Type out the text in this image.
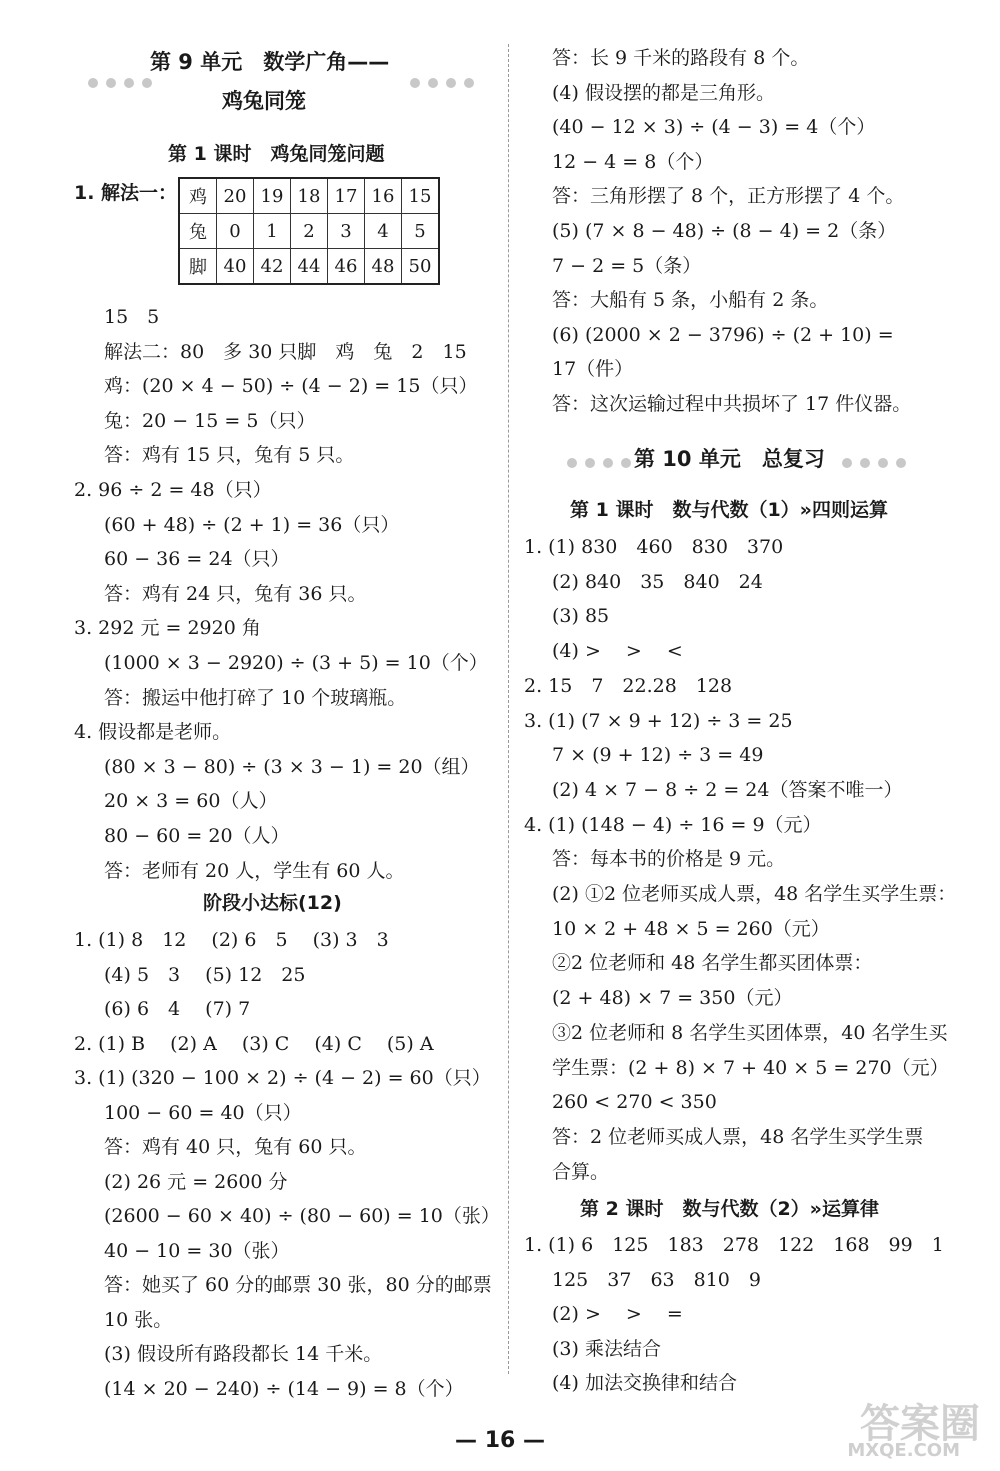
第 9 单元　数学广角——
鸡兔同笼
第 1 课时　鸡兔同笼问题
1. 解法一： 鸡	20	19	18	17	16	15
兔	0	1	2	3	4	5
脚	40	42	44	46	48	50
15　5
解法二：80　多 30 只脚　鸡　兔　2　15
鸡：(20 × 4 − 50) ÷ (4 − 2) = 15（只）
兔：20 − 15 = 5（只）
答：鸡有 15 只，兔有 5 只。
2. 96 ÷ 2 = 48（只）
(60 + 48) ÷ (2 + 1) = 36（只）
60 − 36 = 24（只）
答：鸡有 24 只，兔有 36 只。
3. 292 元 = 2920 角
(1000 × 3 − 2920) ÷ (3 + 5) = 10（个）
答：搬运中他打碎了 10 个玻璃瓶。
4. 假设都是老师。
(80 × 3 − 80) ÷ (3 × 3 − 1) = 20（组）
20 × 3 = 60（人）
80 − 60 = 20（人）
答：老师有 20 人，学生有 60 人。
阶段小达标(12)
1. (1) 8　12　 (2) 6　5　 (3) 3　3
(4) 5　3　 (5) 12　25
(6) 6　4　 (7) 7
2. (1) B　 (2) A　 (3) C　 (4) C　 (5) A
3. (1) (320 − 100 × 2) ÷ (4 − 2) = 60（只）
100 − 60 = 40（只）
答：鸡有 40 只，兔有 60 只。
(2) 26 元 = 2600 分
(2600 − 60 × 40) ÷ (80 − 60) = 10（张）
40 − 10 = 30（张）
答：她买了 60 分的邮票 30 张，80 分的邮票
10 张。
(3) 假设所有路段都长 14 千米。
(14 × 20 − 240) ÷ (14 − 9) = 8（个）
答：长 9 千米的路段有 8 个。
(4) 假设摆的都是三角形。
(40 − 12 × 3) ÷ (4 − 3) = 4（个）
12 − 4 = 8（个）
答：三角形摆了 8 个，正方形摆了 4 个。
(5) (7 × 8 − 48) ÷ (8 − 4) = 2（条）
7 − 2 = 5（条）
答：大船有 5 条，小船有 2 条。
(6) (2000 × 2 − 3796) ÷ (2 + 10) =
17（件）
答：这次运输过程中共损坏了 17 件仪器。
第 10 单元　总复习
第 1 课时　数与代数（1）»四则运算
1. (1) 830　460　830　370
(2) 840　35　840　24
(3) 85
(4) >　 >　 <
2. 15　7　22.28　128
3. (1) (7 × 9 + 12) ÷ 3 = 25
7 × (9 + 12) ÷ 3 = 49
(2) 4 × 7 − 8 ÷ 2 = 24（答案不唯一）
4. (1) (148 − 4) ÷ 16 = 9（元）
答：每本书的价格是 9 元。
(2) ①2 位老师买成人票，48 名学生买学生票：
10 × 2 + 48 × 5 = 260（元）
②2 位老师和 48 名学生都买团体票：
(2 + 48) × 7 = 350（元）
③2 位老师和 8 名学生买团体票，40 名学生买
学生票：(2 + 8) × 7 + 40 × 5 = 270（元）
260 < 270 < 350
答：2 位老师买成人票，48 名学生买学生票
合算。
第 2 课时　数与代数（2）»运算律
1. (1) 6　125　183　278　122　168　99　1
125　37　63　810　9
(2) >　 >　 =
(3) 乘法结合
(4) 加法交换律和结合
— 16 —	答案圈
MXQE.COM
